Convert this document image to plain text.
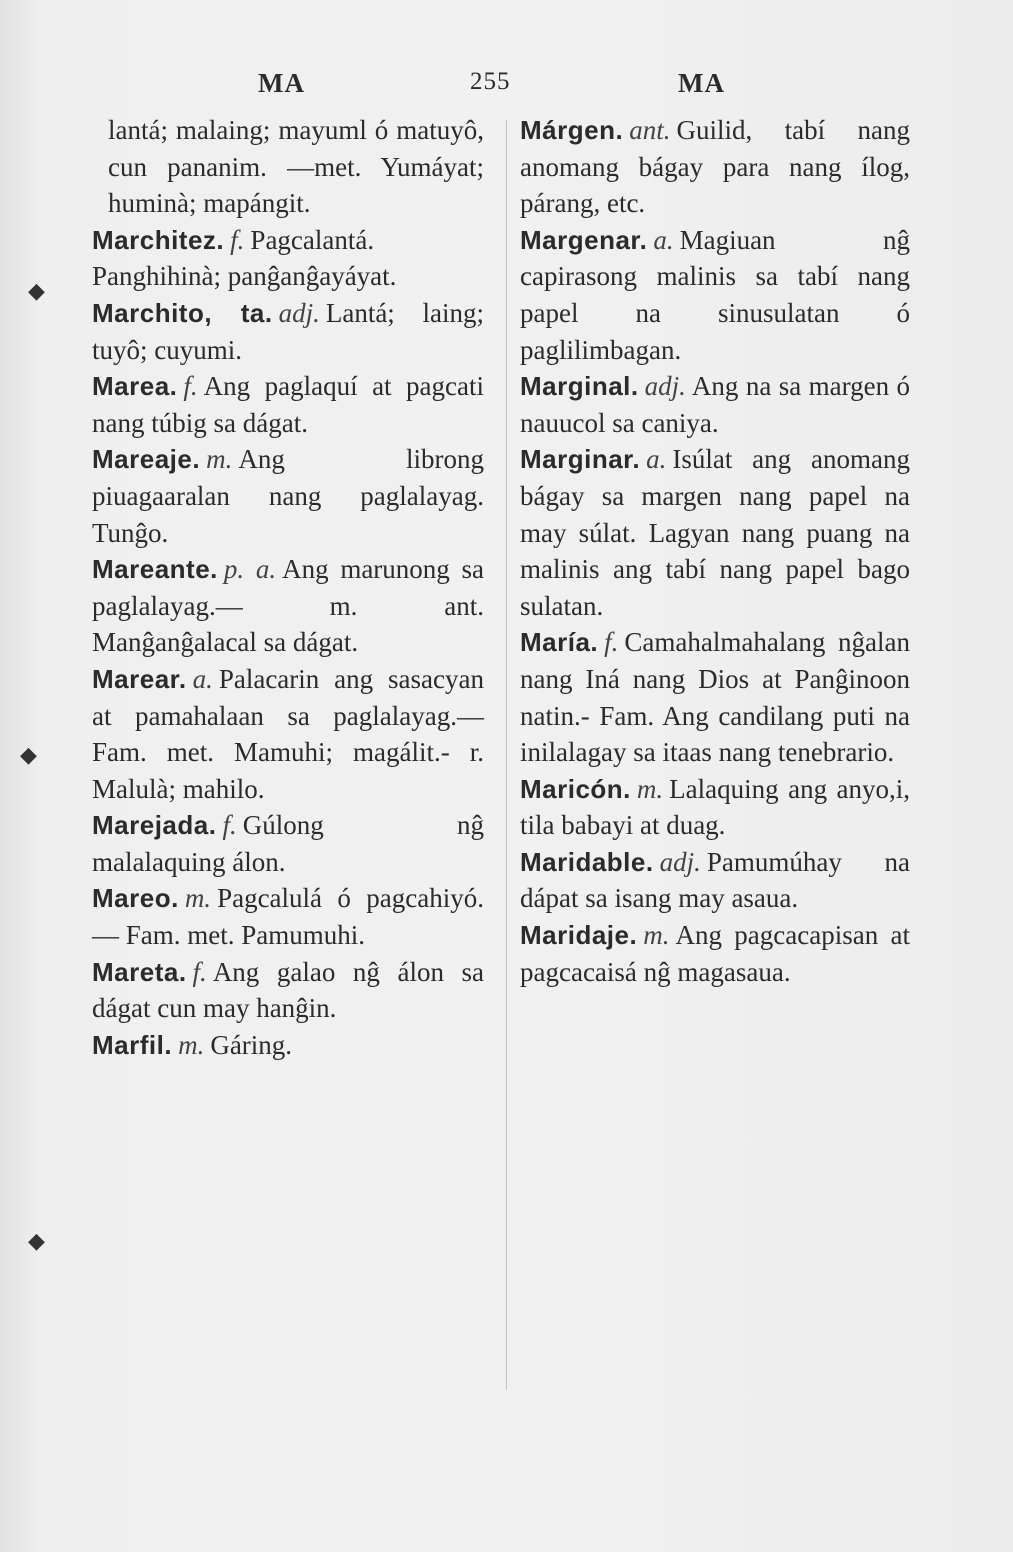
MA	255	MA
◆
◆
◆

lantá; malaing; mayuml ó matuyô, cun pananim. —met. Yumáyat; huminà; mapángit.

Marchitez. f. Pagcalantá. Panghihinà; panĝanĝayáyat.

Marchito, ta. adj. Lantá; laing; tuyô; cuyumi.

Marea. f. Ang paglaquí at pagcati nang túbig sa dágat.

Mareaje. m. Ang librong piuagaaralan nang paglalayag. Tunĝo.

Mareante. p. a. Ang marunong sa paglalayag.— m. ant. Manĝanĝalacal sa dágat.

Marear. a. Palacarin ang sasacyan at pamahalaan sa paglalayag.— Fam. met. Mamuhi; magálit.- r. Malulà; mahilo.

Marejada. f. Gúlong nĝ malalaquing álon.

Mareo. m. Pagcalulá ó pagcahiyó. — Fam. met. Pamumuhi.

Mareta. f. Ang galao nĝ álon sa dágat cun may hanĝin.

Marfil. m. Gáring.

Márgen. ant. Guilid, tabí nang anomang bágay para nang ílog, párang, etc.

Margenar. a. Magiuan nĝ capirasong malinis sa tabí nang papel na sinusulatan ó paglilimbagan.

Marginal. adj. Ang na sa margen ó nauucol sa caniya.

Marginar. a. Isúlat ang anomang bágay sa margen nang papel na may súlat. Lagyan nang puang na malinis ang tabí nang papel bago sulatan.

María. f. Camahalmahalang nĝalan nang Iná nang Dios at Panĝinoon natin.- Fam. Ang candilang puti na inilalagay sa itaas nang tenebrario.

Maricón. m. Lalaquing ang anyo,i, tila babayi at duag.

Maridable. adj. Pamumúhay na dápat sa isang may asaua.

Maridaje. m. Ang pagcacapisan at pagcacaisá nĝ magasaua.
